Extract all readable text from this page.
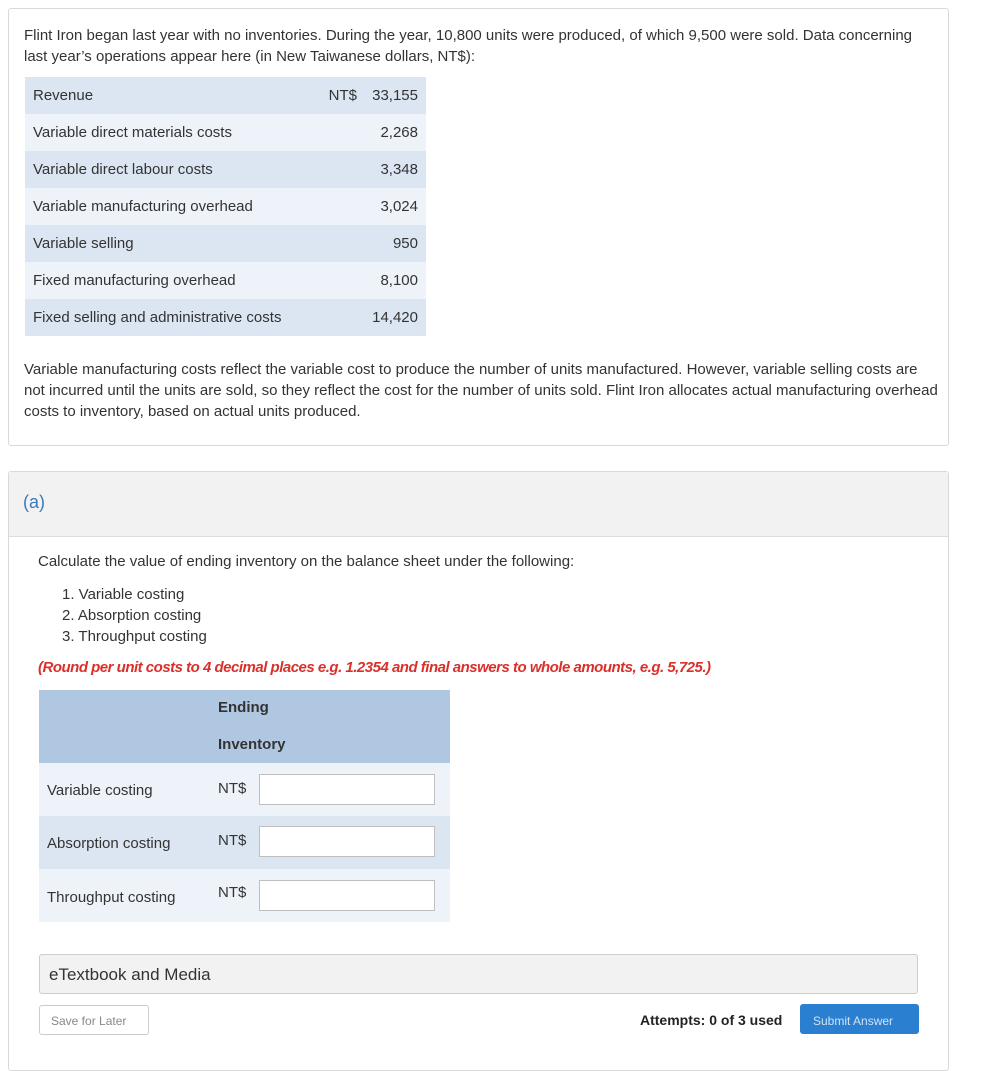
Flint Iron began last year with no inventories. During the year, 10,800 units were produced, of which 9,500 were sold. Data concerning last year’s operations appear here (in New Taiwanese dollars, NT$):

Revenue	NT$	33,155
Variable direct materials costs		2,268
Variable direct labour costs		3,348
Variable manufacturing overhead		3,024
Variable selling		950
Fixed manufacturing overhead		8,100
Fixed selling and administrative costs		14,420

Variable manufacturing costs reflect the variable cost to produce the number of units manufactured. However, variable selling costs are not incurred until the units are sold, so they reflect the cost for the number of units sold. Flint Iron allocates actual manufacturing overhead costs to inventory, based on actual units produced.

(a)

Calculate the value of ending inventory on the balance sheet under the following:

1. Variable costing
2. Absorption costing
3. Throughput costing
(Round per unit costs to 4 decimal places e.g. 1.2354 and final answers to whole amounts, e.g. 5,725.)
Ending
Inventory
Variable costing	NT$
Absorption costing	NT$
Throughput costing	NT$
eTextbook and Media
Save for Later	Attempts: 0 of 3 used	Submit Answer
